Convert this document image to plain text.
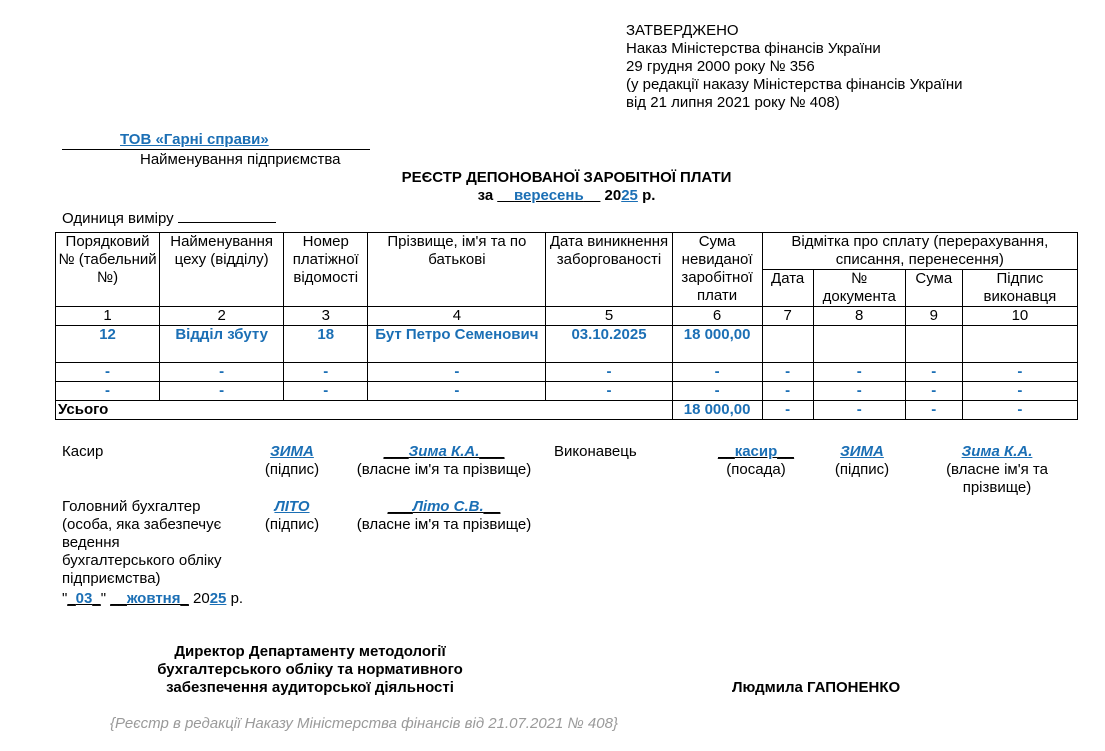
ЗАТВЕРДЖЕНО
Наказ Міністерства фінансів України
29 грудня 2000 року № 356
(у редакції наказу Міністерства фінансів України
від 21 липня 2021 року № 408)
ТОВ «Гарні справи»
Найменування підприємства
РЕЄСТР ДЕПОНОВАНОЇ ЗАРОБІТНОЇ ПЛАТИ
за __вересень__ 2025 р.
Одиниця виміру
Порядковий № (табельний №)	Найменування цеху (відділу)	Номер платіжної відомості	Прізвище, ім'я та по батькові	Дата виникнення заборгованості	Сума невиданої заробітної плати	Відмітка про сплату (перерахування, списання, перенесення)			
						Дата	№ документа	Сума	Підпис виконавця
1	2	3	4	5	6	7	8	9	10
12	Відділ збуту	18	Бут Петро Семенович	03.10.2025	18 000,00				
-	-	-	-	-	-	-	-	-	-
-	-	-	-	-	-	-	-	-	-
Усього					18 000,00	-	-	-	-
Касир	ЗИМА
(підпис)
___Зима К.А.___
(власне ім'я та прізвище)
Виконавець	__касир__
(посада)
ЗИМА
(підпис)
Зима К.А.
(власне ім'я та прізвище)
Головний бухгалтер
(особа, яка забезпечує
ведення
бухгалтерського обліку
підприємства)
ЛІТО
(підпис)
___Літо С.В.__
(власне ім'я та прізвище)
"_03_" __жовтня_ 2025 р.
Директор Департаменту методології
бухгалтерського обліку та нормативного
забезпечення аудиторської діяльності	Людмила ГАПОНЕНКО
{Реєстр в редакції Наказу Міністерства фінансів від 21.07.2021 № 408}
